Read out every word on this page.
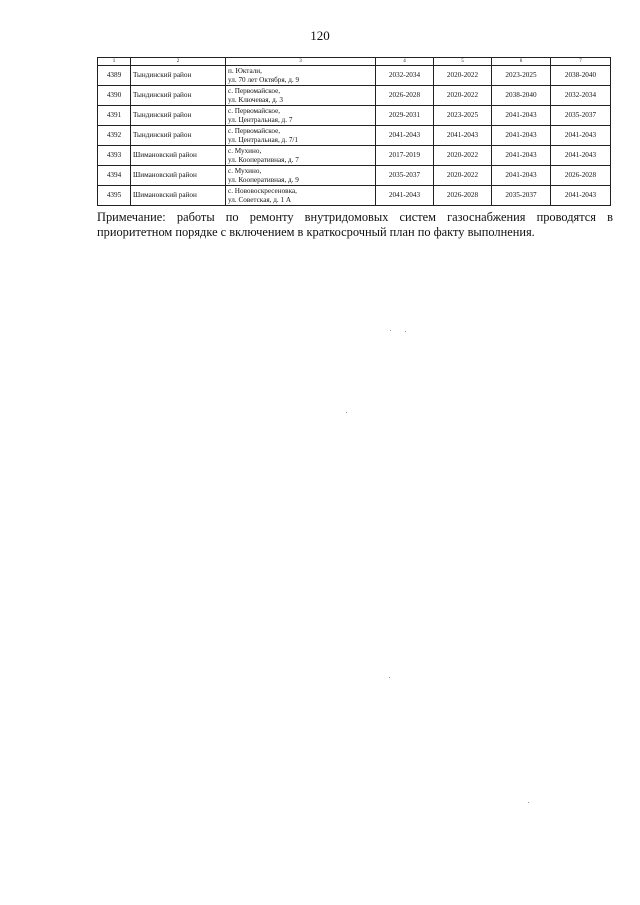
120
1	2	3	4	5	6	7
4389	Тындинский район	п. Юктали,
ул. 70 лет Октября, д. 9	2032-2034	2020-2022	2023-2025	2038-2040
4390	Тындинский район	с. Первомайское,
ул. Ключевая, д. 3	2026-2028	2020-2022	2038-2040	2032-2034
4391	Тындинский район	с. Первомайское,
ул. Центральная, д. 7	2029-2031	2023-2025	2041-2043	2035-2037
4392	Тындинский район	с. Первомайское,
ул. Центральная, д. 7/1	2041-2043	2041-2043	2041-2043	2041-2043
4393	Шимановский район	с. Мухино,
ул. Кооперативная, д. 7	2017-2019	2020-2022	2041-2043	2041-2043
4394	Шимановский район	с. Мухино,
ул. Кооперативная, д. 9	2035-2037	2020-2022	2041-2043	2026-2028
4395	Шимановский район	с. Нововоскресеновка,
ул. Советская, д. 1 А	2041-2043	2026-2028	2035-2037	2041-2043
Примечание: работы по ремонту внутридомовых систем газоснабжения проводятся в приоритетном порядке с включением в краткосрочный план по факту выполнения.
